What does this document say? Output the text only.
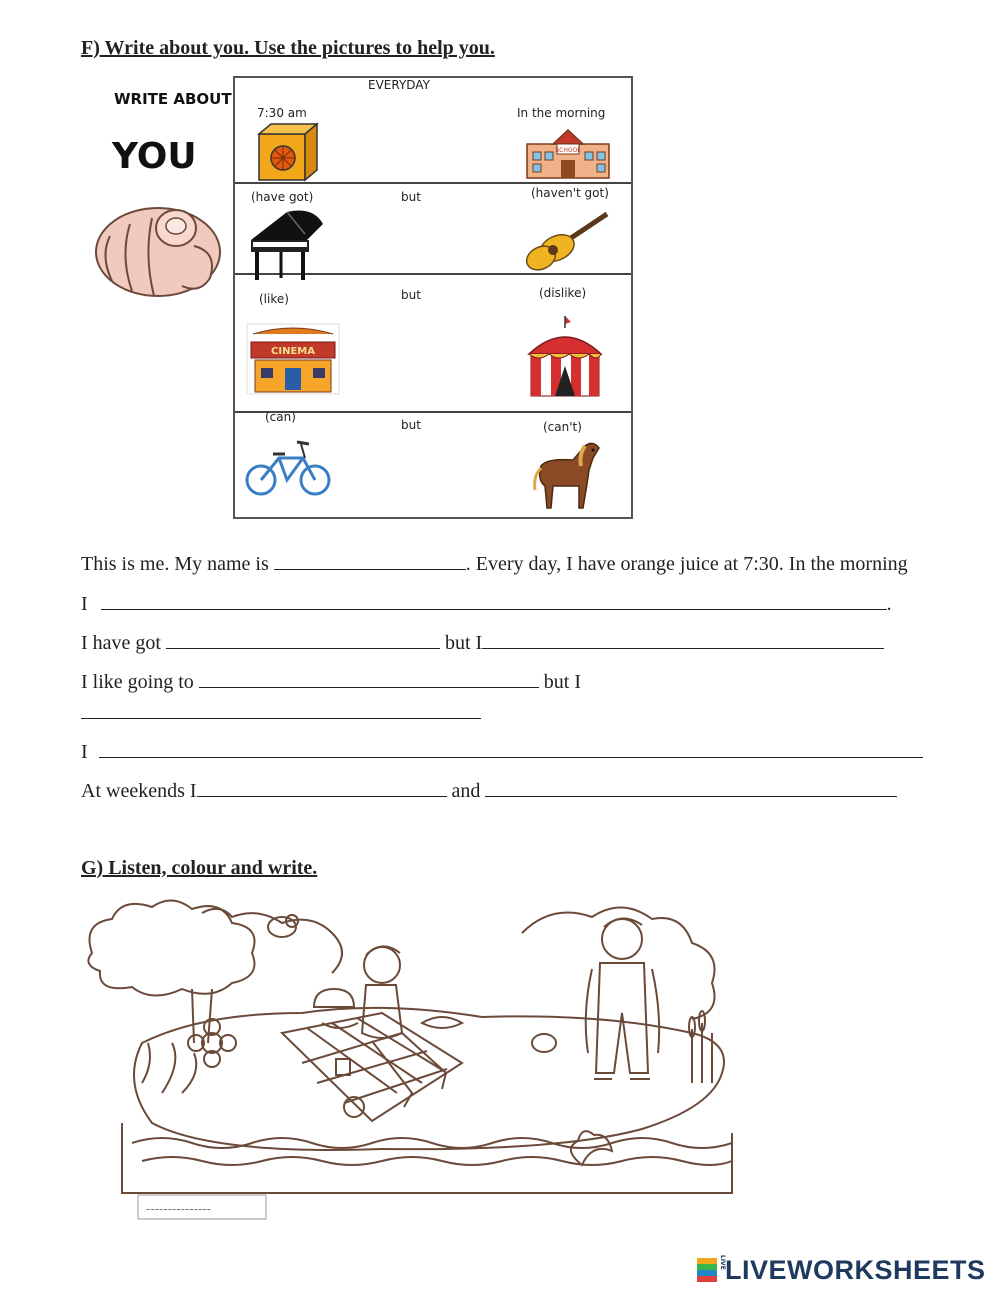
F) Write about you. Use the pictures to help you.
WRITE ABOUT
YOU
EVERYDAY
7:30 am	In the morning
SCHOOL
(have got)	but	(haven't got)
(like)	but	(dislike)
CINEMA
(can)
but	(can't)
This is me. My name is	. Every day, I have orange juice at 7:30. In the morning
I	.
I have got	but I
I like going to	but I
I
At weekends I	and
G) Listen, colour and write.
---------------
LIVE LIVEWORKSHEETS
